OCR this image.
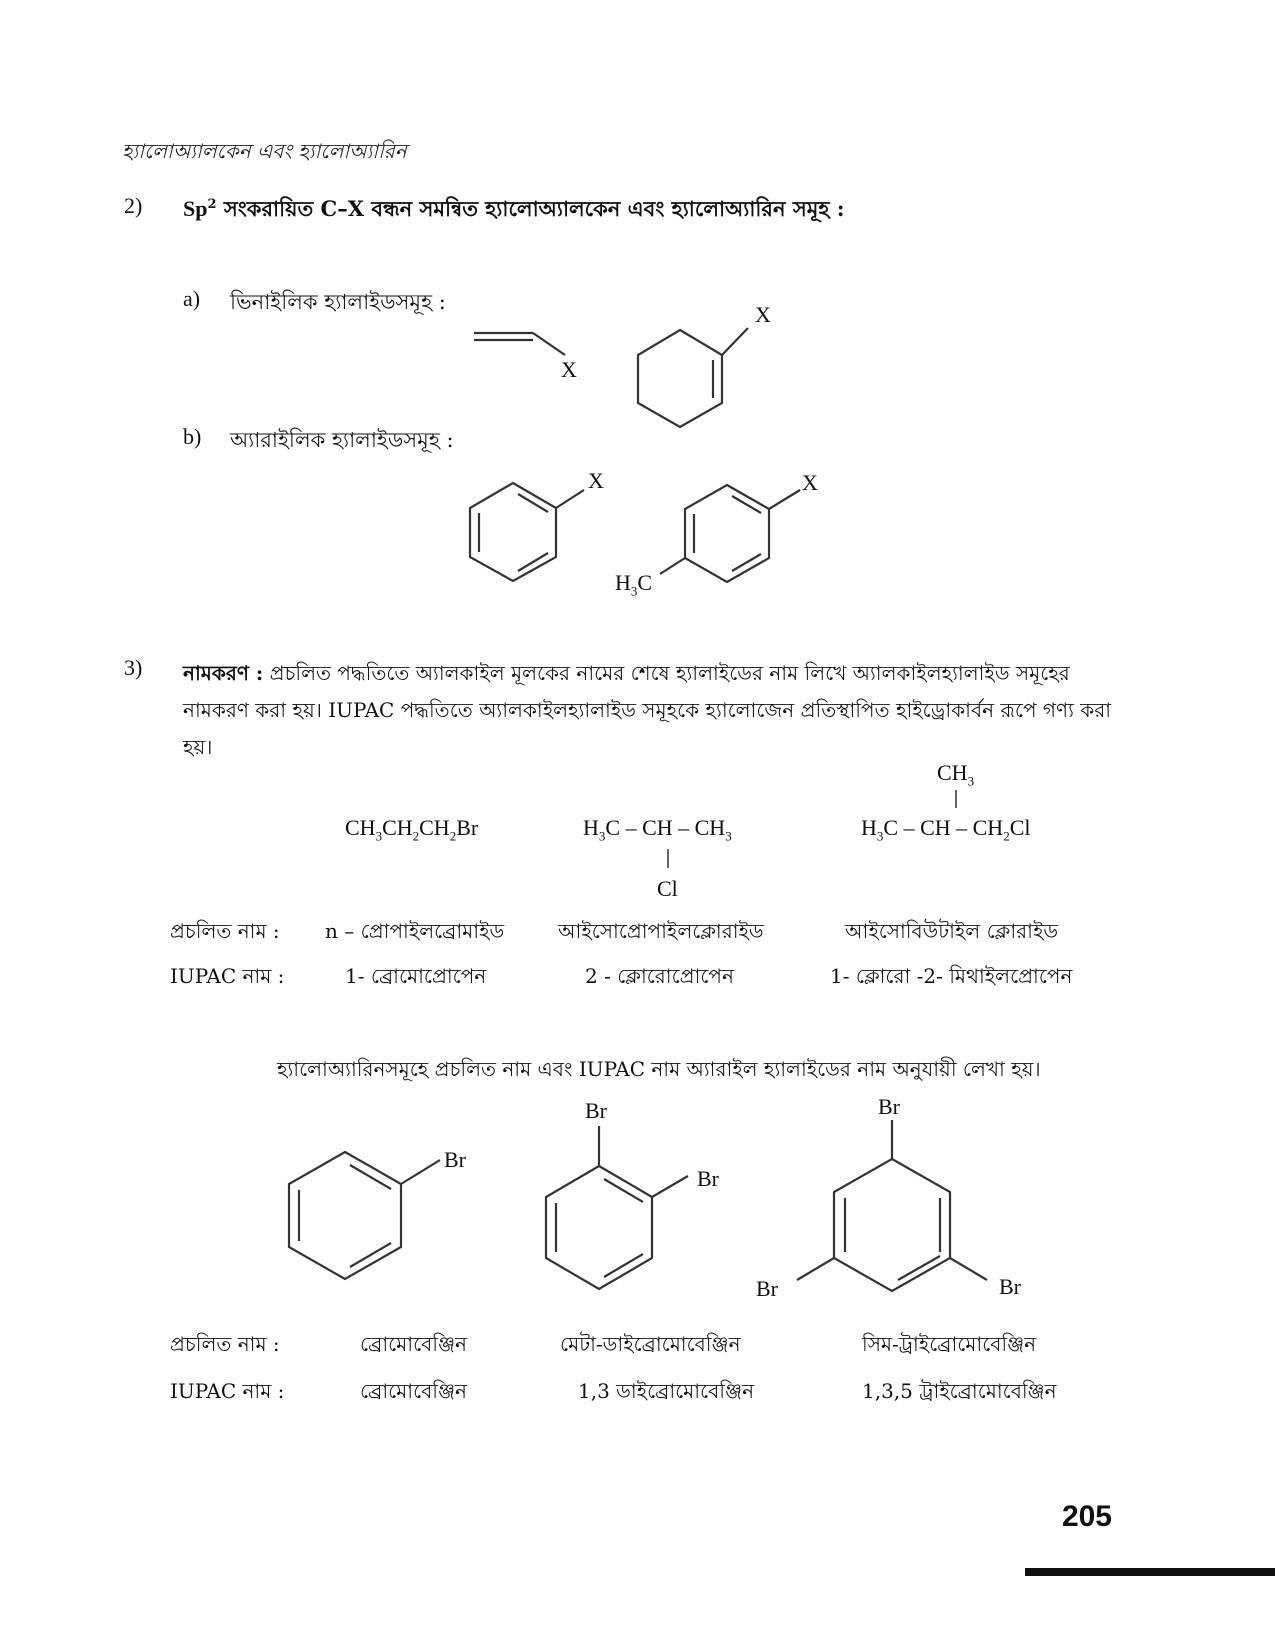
হ্যালোঅ্যালকেন এবং হ্যালোঅ্যারিন
2) Sp$^2$ সংকরায়িত C–X বন্ধন সমন্বিত হ্যালোঅ্যালকেন এবং হ্যালোঅ্যারিন সমূহ :
a) ভিনাইলিক হ্যালাইডসমূহ :
b) অ্যারাইলিক হ্যালাইডসমূহ :
X
X
X	X
$H_3C$
3) নামকরণ : প্রচলিত পদ্ধতিতে অ্যালকাইল মূলকের নামের শেষে হ্যালাইডের নাম লিখে অ্যালকাইলহ্যালাইড সমূহের নামকরণ করা হয়। IUPAC পদ্ধতিতে অ্যালকাইলহ্যালাইড সমূহকে হ্যালোজেন প্রতিস্থাপিত হাইড্রোকার্বন রূপে গণ্য করা হয়।
$CH_3CH_2CH_2Br$	$H_3C$ – CH – $CH_3$
Cl
$CH_3$
$H_3C$ – CH – $CH_2Cl$
প্রচলিত নাম : n – প্রোপাইলব্রোমাইড	আইসোপ্রোপাইলক্লোরাইড	আইসোবিউটাইল ক্লোরাইড
IUPAC নাম :	1- ব্রোমোপ্রোপেন	2 - ক্লোরোপ্রোপেন	1- ক্লোরো -2- মিথাইলপ্রোপেন
হ্যালোঅ্যারিনসমূহে প্রচলিত নাম এবং IUPAC নাম অ্যারাইল হ্যালাইডের নাম অনুযায়ী লেখা হয়।
Br
Br
Br
Br
Br	Br
প্রচলিত নাম :	ব্রোমোবেঞ্জিন	মেটা-ডাইব্রোমোবেঞ্জিন	সিম-ট্রাইব্রোমোবেঞ্জিন
IUPAC নাম :	ব্রোমোবেঞ্জিন	1,3 ডাইব্রোমোবেঞ্জিন	1,3,5 ট্রাইব্রোমোবেঞ্জিন
205
